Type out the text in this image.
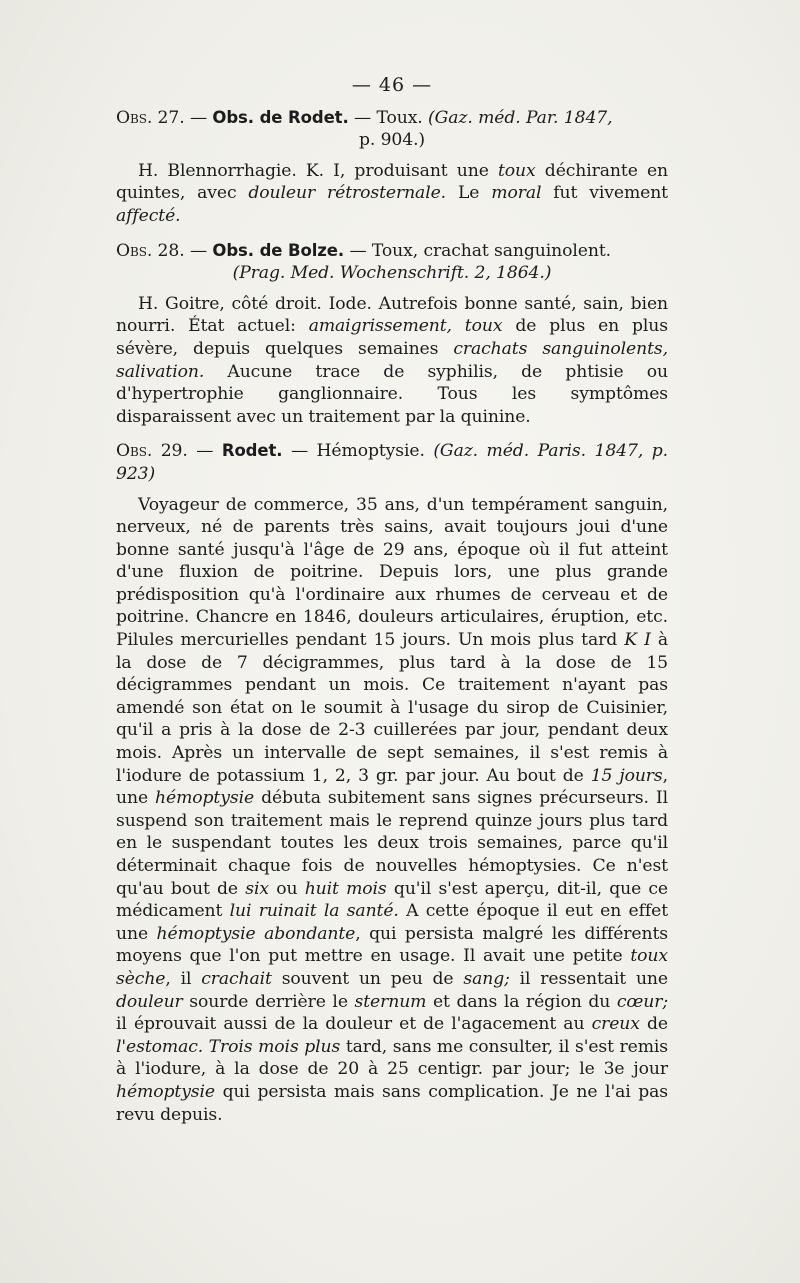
— 46 —

Obs. 27. — Obs. de Rodet. — Toux. (Gaz. méd. Par. 1847,
p. 904.)

H. Blennorrhagie. K. I, produisant une toux déchirante en quintes, avec douleur rétrosternale. Le moral fut vivement affecté.

Obs. 28. — Obs. de Bolze. — Toux, crachat sanguinolent.
(Prag. Med. Wochenschrift. 2, 1864.)

H. Goitre, côté droit. Iode. Autrefois bonne santé, sain, bien nourri. État actuel: amaigrissement, toux de plus en plus sévère, depuis quelques semaines crachats sanguinolents, salivation. Aucune trace de syphilis, de phtisie ou d'hypertrophie ganglionnaire. Tous les symptômes disparaissent avec un traitement par la quinine.

Obs. 29. — Rodet. — Hémoptysie. (Gaz. méd. Paris. 1847, p. 923)

Voyageur de commerce, 35 ans, d'un tempérament sanguin, nerveux, né de parents très sains, avait toujours joui d'une bonne santé jusqu'à l'âge de 29 ans, époque où il fut atteint d'une fluxion de poitrine. Depuis lors, une plus grande prédisposition qu'à l'ordinaire aux rhumes de cerveau et de poitrine. Chancre en 1846, douleurs articulaires, éruption, etc. Pilules mercurielles pendant 15 jours. Un mois plus tard K I à la dose de 7 décigrammes, plus tard à la dose de 15 décigrammes pendant un mois. Ce traitement n'ayant pas amendé son état on le soumit à l'usage du sirop de Cuisinier, qu'il a pris à la dose de 2-3 cuillerées par jour, pendant deux mois. Après un intervalle de sept semaines, il s'est remis à l'iodure de potassium 1, 2, 3 gr. par jour. Au bout de 15 jours, une hémoptysie débuta subitement sans signes précurseurs. Il suspend son traitement mais le reprend quinze jours plus tard en le suspendant toutes les deux trois semaines, parce qu'il déterminait chaque fois de nouvelles hémoptysies. Ce n'est qu'au bout de six ou huit mois qu'il s'est aperçu, dit-il, que ce médicament lui ruinait la santé. A cette époque il eut en effet une hémoptysie abondante, qui persista malgré les différents moyens que l'on put mettre en usage. Il avait une petite toux sèche, il crachait souvent un peu de sang; il ressentait une douleur sourde derrière le sternum et dans la région du cœur; il éprouvait aussi de la douleur et de l'agacement au creux de l'estomac. Trois mois plus tard, sans me consulter, il s'est remis à l'iodure, à la dose de 20 à 25 centigr. par jour; le 3e jour hémoptysie qui persista mais sans complication. Je ne l'ai pas revu depuis.
